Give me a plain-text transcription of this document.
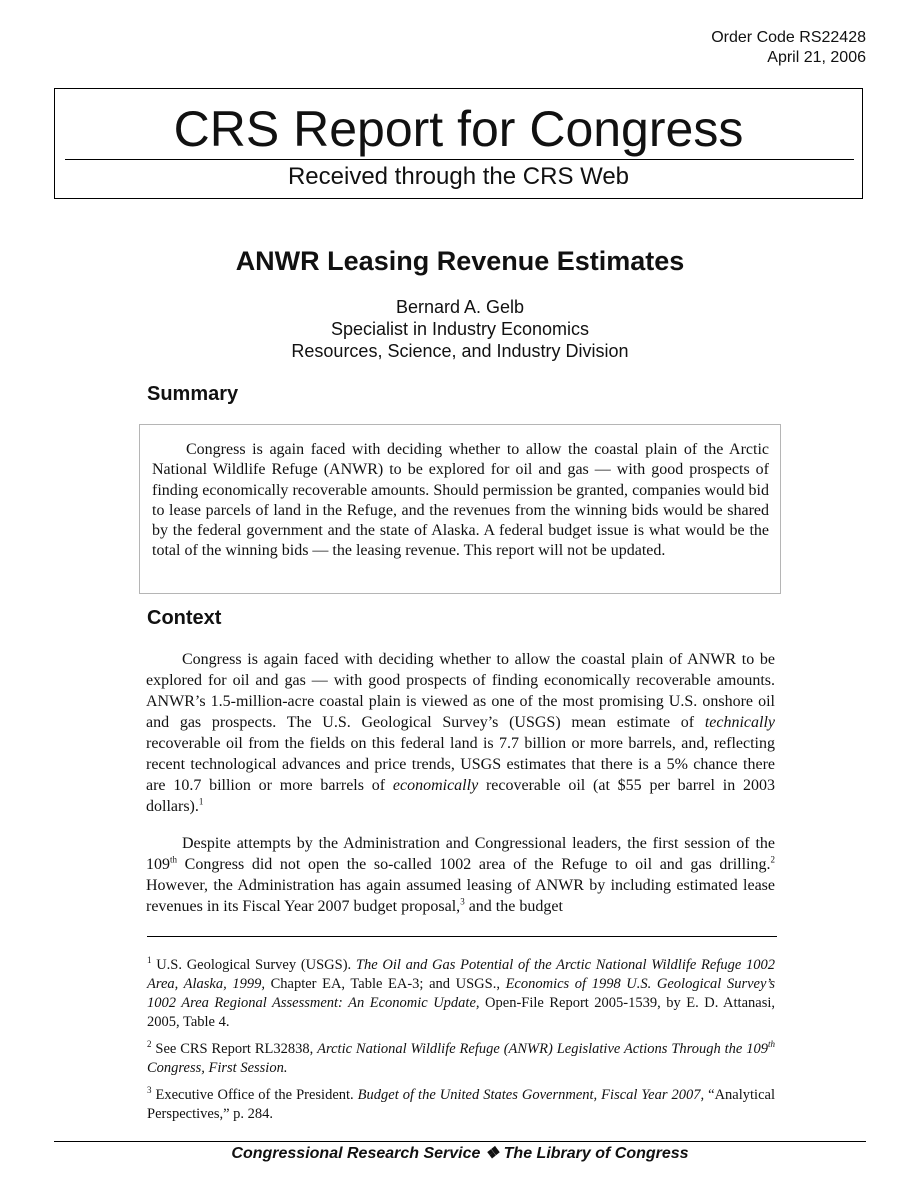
Order Code RS22428
April 21, 2006
CRS Report for Congress
Received through the CRS Web
ANWR Leasing Revenue Estimates
Bernard A. Gelb
Specialist in Industry Economics
Resources, Science, and Industry Division
Summary
Congress is again faced with deciding whether to allow the coastal plain of the Arctic National Wildlife Refuge (ANWR) to be explored for oil and gas — with good prospects of finding economically recoverable amounts. Should permission be granted, companies would bid to lease parcels of land in the Refuge, and the revenues from the winning bids would be shared by the federal government and the state of Alaska. A federal budget issue is what would be the total of the winning bids — the leasing revenue. This report will not be updated.
Context
Congress is again faced with deciding whether to allow the coastal plain of ANWR to be explored for oil and gas — with good prospects of finding economically recoverable amounts. ANWR’s 1.5-million-acre coastal plain is viewed as one of the most promising U.S. onshore oil and gas prospects. The U.S. Geological Survey’s (USGS) mean estimate of technically recoverable oil from the fields on this federal land is 7.7 billion or more barrels, and, reflecting recent technological advances and price trends, USGS estimates that there is a 5% chance there are 10.7 billion or more barrels of economically recoverable oil (at $55 per barrel in 2003 dollars).$^1$
Despite attempts by the Administration and Congressional leaders, the first session of the 109th Congress did not open the so-called 1002 area of the Refuge to oil and gas drilling.$^2$ However, the Administration has again assumed leasing of ANWR by including estimated lease revenues in its Fiscal Year 2007 budget proposal,$^3$ and the budget
$^1$ U.S. Geological Survey (USGS). The Oil and Gas Potential of the Arctic National Wildlife Refuge 1002 Area, Alaska, 1999, Chapter EA, Table EA-3; and USGS., Economics of 1998 U.S. Geological Survey’s 1002 Area Regional Assessment: An Economic Update, Open-File Report 2005-1539, by E. D. Attanasi, 2005, Table 4.
$^2$ See CRS Report RL32838, Arctic National Wildlife Refuge (ANWR) Legislative Actions Through the 109th Congress, First Session.
$^3$ Executive Office of the President. Budget of the United States Government, Fiscal Year 2007, “Analytical Perspectives,” p. 284.
Congressional Research Service ❖ The Library of Congress
